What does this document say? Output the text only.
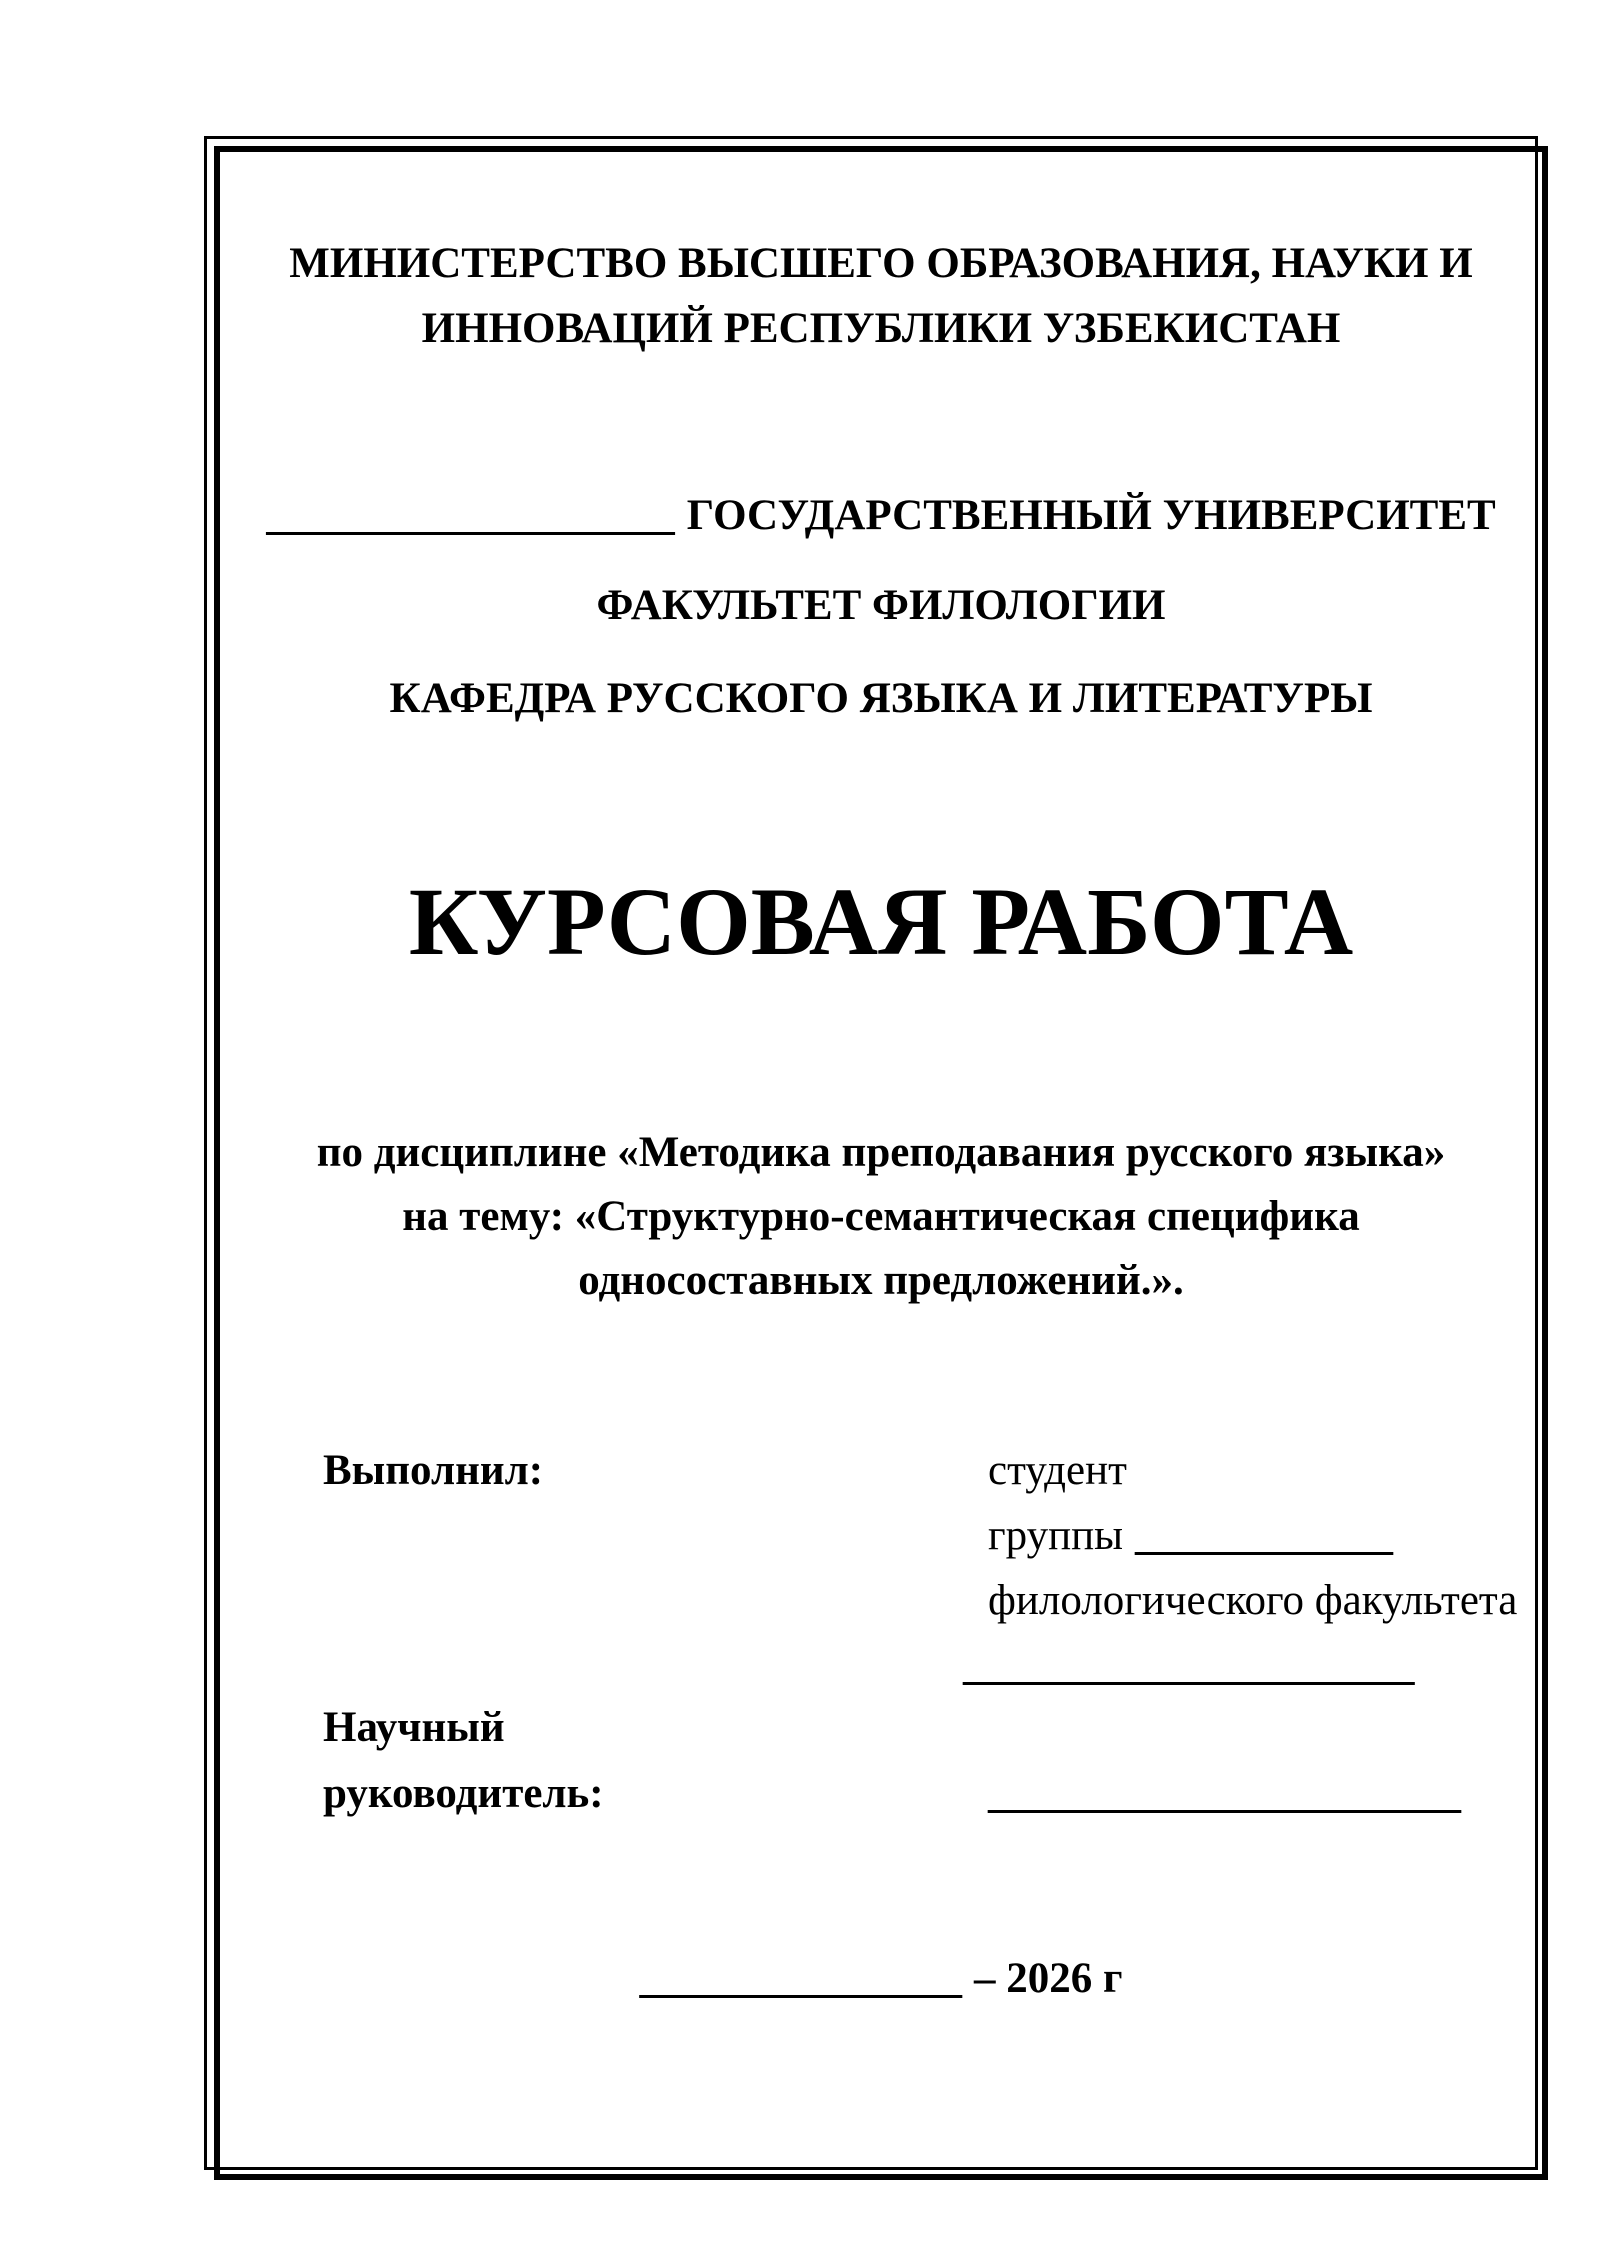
МИНИСТЕРСТВО ВЫСШЕГО ОБРАЗОВАНИЯ, НАУКИ И
ИННОВАЦИЙ РЕСПУБЛИКИ УЗБЕКИСТАН
___________________ ГОСУДАРСТВЕННЫЙ УНИВЕРСИТЕТ
ФАКУЛЬТЕТ ФИЛОЛОГИИ
КАФЕДРА РУССКОГО ЯЗЫКА И ЛИТЕРАТУРЫ
КУРСОВАЯ РАБОТА
по дисциплине «Методика преподавания русского языка»
на тему: «Структурно-семантическая специфика
односоставных предложений.».
Выполнил:	студент группы ____________
филологического факультета
_____________________
Научный
руководитель:	______________________
_______________ – 2026 г
